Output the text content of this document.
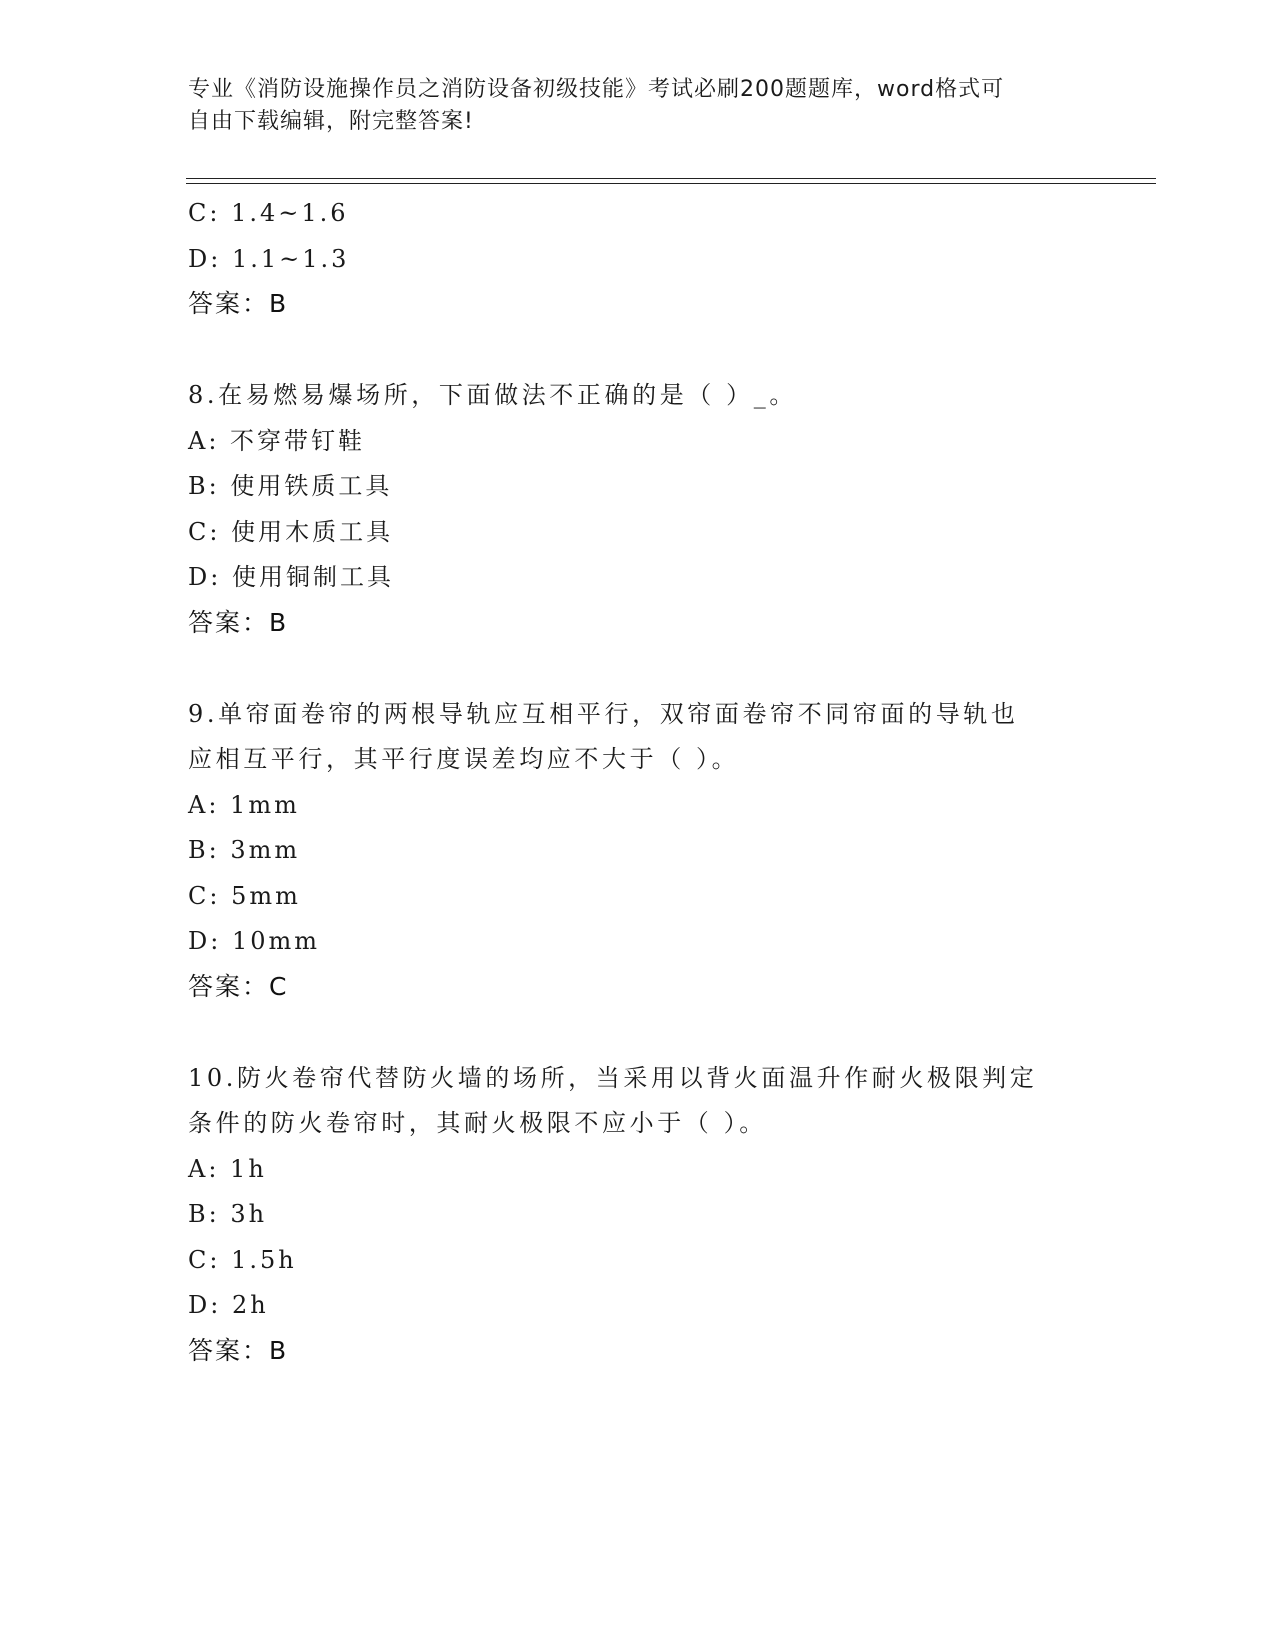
专业《消防设施操作员之消防设备初级技能》考试必刷200题题库，word格式可
自由下载编辑，附完整答案!
C: 1.4~1.6
D: 1.1~1.3
答案：B
8.在易燃易爆场所，下面做法不正确的是（ ）_。
A: 不穿带钉鞋
B: 使用铁质工具
C: 使用木质工具
D: 使用铜制工具
答案：B
9.单帘面卷帘的两根导轨应互相平行，双帘面卷帘不同帘面的导轨也
应相互平行，其平行度误差均应不大于（ ）。
A: 1mm
B: 3mm
C: 5mm
D: 10mm
答案：C
10.防火卷帘代替防火墙的场所，当采用以背火面温升作耐火极限判定
条件的防火卷帘时，其耐火极限不应小于（ ）。
A: 1h
B: 3h
C: 1.5h
D: 2h
答案：B
